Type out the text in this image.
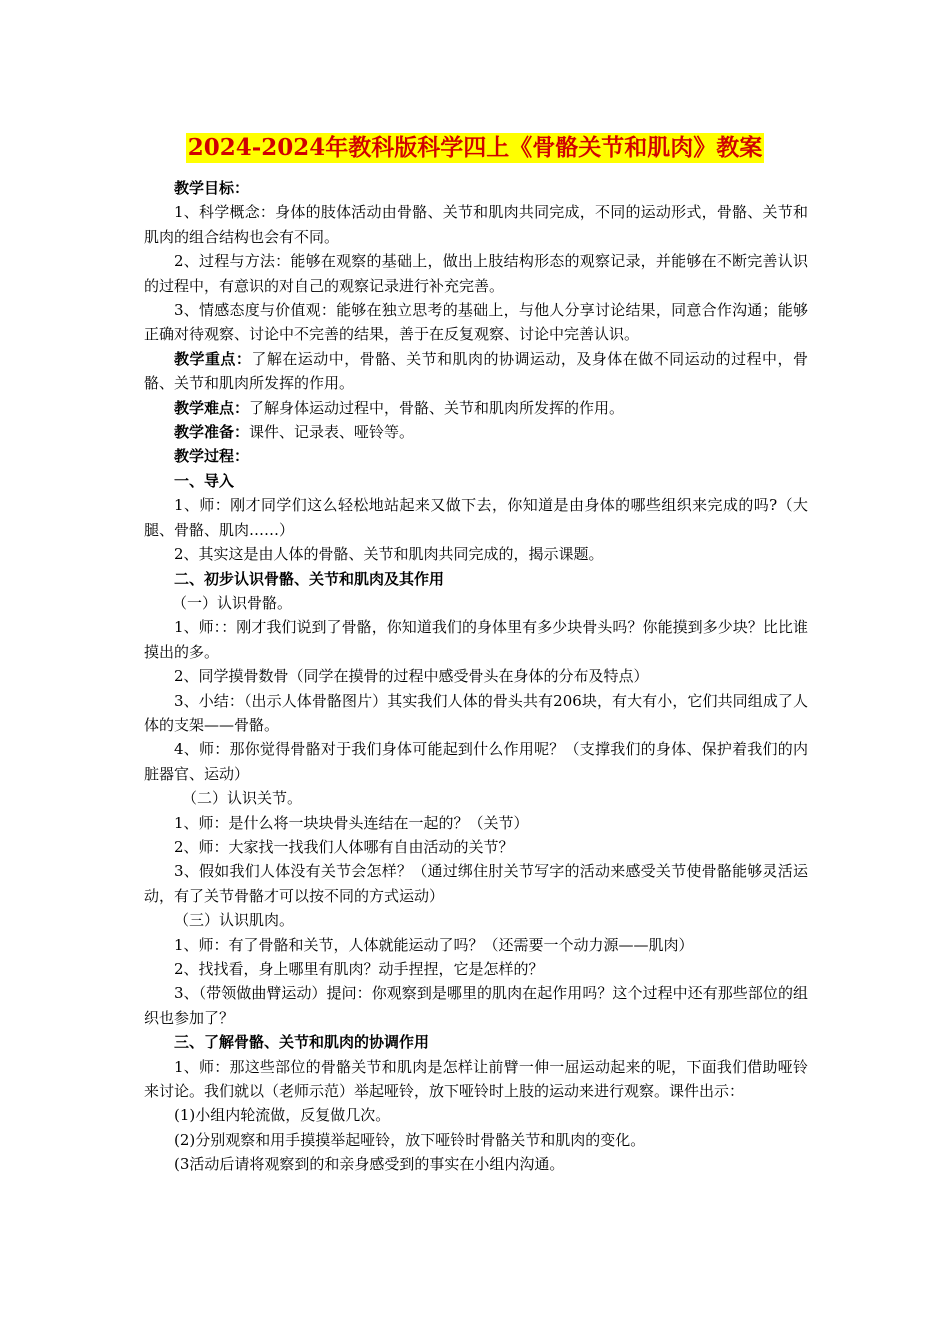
2024-2024年教科版科学四上《骨骼关节和肌肉》教案

教学目标：

1、科学概念：身体的肢体活动由骨骼、关节和肌肉共同完成，不同的运动形式，骨骼、关节和肌肉的组合结构也会有不同。

2、过程与方法：能够在观察的基础上，做出上肢结构形态的观察记录，并能够在不断完善认识的过程中，有意识的对自己的观察记录进行补充完善。

3、情感态度与价值观：能够在独立思考的基础上，与他人分享讨论结果，同意合作沟通；能够正确对待观察、讨论中不完善的结果，善于在反复观察、讨论中完善认识。

教学重点：了解在运动中，骨骼、关节和肌肉的协调运动，及身体在做不同运动的过程中，骨骼、关节和肌肉所发挥的作用。

教学难点：了解身体运动过程中，骨骼、关节和肌肉所发挥的作用。

教学准备：课件、记录表、哑铃等。

教学过程：

一、导入

1、师：刚才同学们这么轻松地站起来又做下去，你知道是由身体的哪些组织来完成的吗?（大腿、骨骼、肌肉……）

2、其实这是由人体的骨骼、关节和肌肉共同完成的，揭示课题。

二、初步认识骨骼、关节和肌肉及其作用

（一）认识骨骼。

1、师：：刚才我们说到了骨骼，你知道我们的身体里有多少块骨头吗？你能摸到多少块？比比谁摸出的多。

2、同学摸骨数骨（同学在摸骨的过程中感受骨头在身体的分布及特点）

3、小结：（出示人体骨骼图片）其实我们人体的骨头共有206块，有大有小，它们共同组成了人体的支架——骨骼。

4、师：那你觉得骨骼对于我们身体可能起到什么作用呢？（支撑我们的身体、保护着我们的内脏器官、运动）

（二）认识关节。

1、师：是什么将一块块骨头连结在一起的？（关节）

2、师：大家找一找我们人体哪有自由活动的关节？

3、假如我们人体没有关节会怎样？（通过绑住肘关节写字的活动来感受关节使骨骼能够灵活运动，有了关节骨骼才可以按不同的方式运动）

（三）认识肌肉。

1、师：有了骨骼和关节，人体就能运动了吗？（还需要一个动力源——肌肉）

2、找找看，身上哪里有肌肉？动手捏捏，它是怎样的？

3、（带领做曲臂运动）提问：你观察到是哪里的肌肉在起作用吗？这个过程中还有那些部位的组织也参加了？

三、了解骨骼、关节和肌肉的协调作用

1、师：那这些部位的骨骼关节和肌肉是怎样让前臂一伸一屈运动起来的呢，下面我们借助哑铃来讨论。我们就以（老师示范）举起哑铃，放下哑铃时上肢的运动来进行观察。课件出示：

(1)小组内轮流做，反复做几次。

(2)分别观察和用手摸摸举起哑铃，放下哑铃时骨骼关节和肌肉的变化。

(3活动后请将观察到的和亲身感受到的事实在小组内沟通。
